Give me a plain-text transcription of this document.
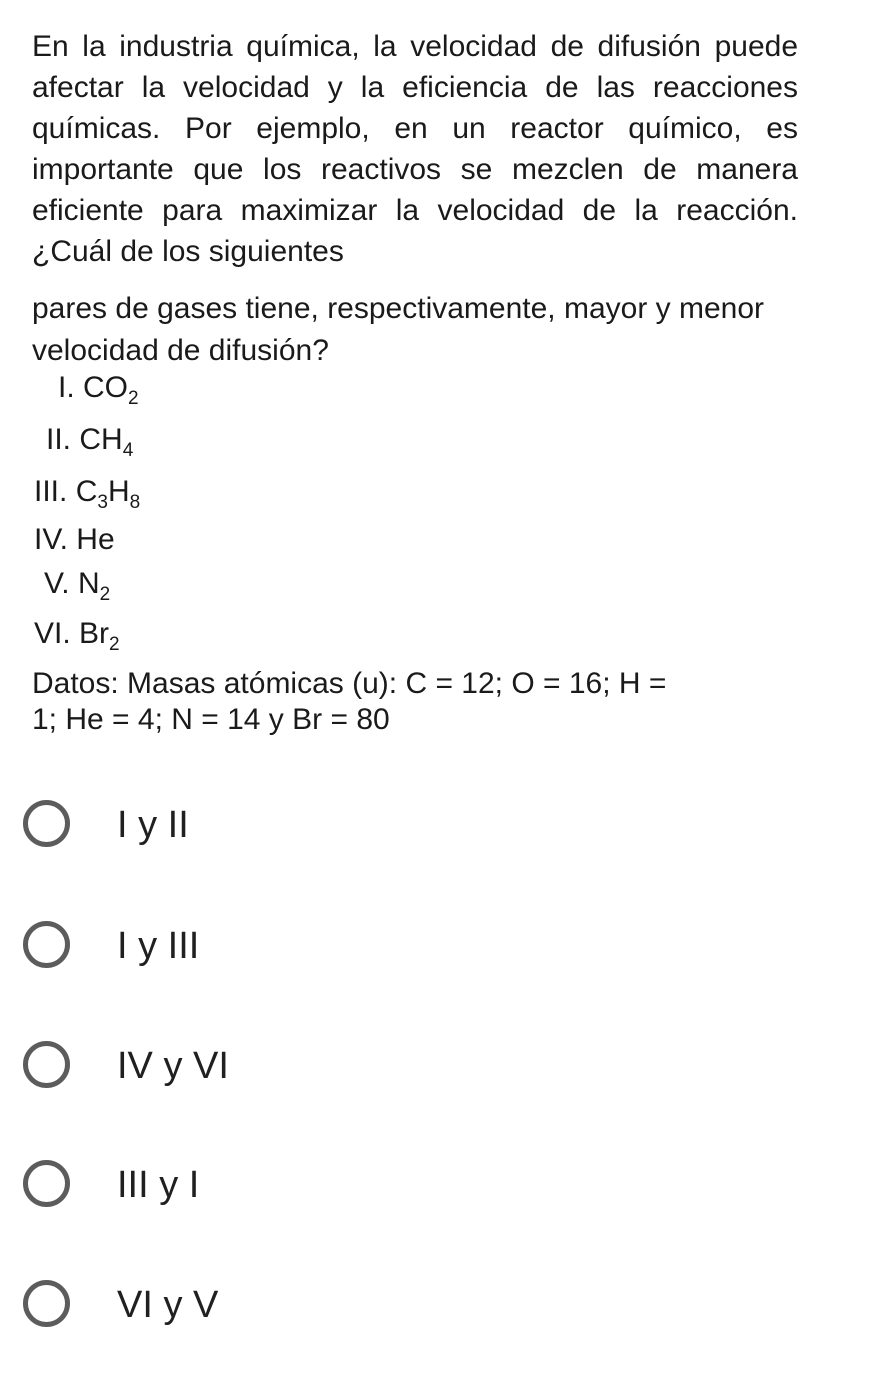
En la industria química, la velocidad de difusión puede afectar la velocidad y la eficiencia de las reacciones químicas. Por ejemplo, en un reactor químico, es importante que los reactivos se mezclen de manera eficiente para maximizar la velocidad de la reacción. ¿Cuál de los siguientes

pares de gases tiene, respectivamente, mayor y menor velocidad de difusión?

I. $CO_2$
II. $CH_4$
III. $C_3H_8$
IV. He
V. $N_2$
VI. $Br_2$

Datos: Masas atómicas (u): C = 12; O = 16; H =
1; He = 4; N = 14 y Br = 80

I y II
I y III
IV y VI
III y I
VI y V
